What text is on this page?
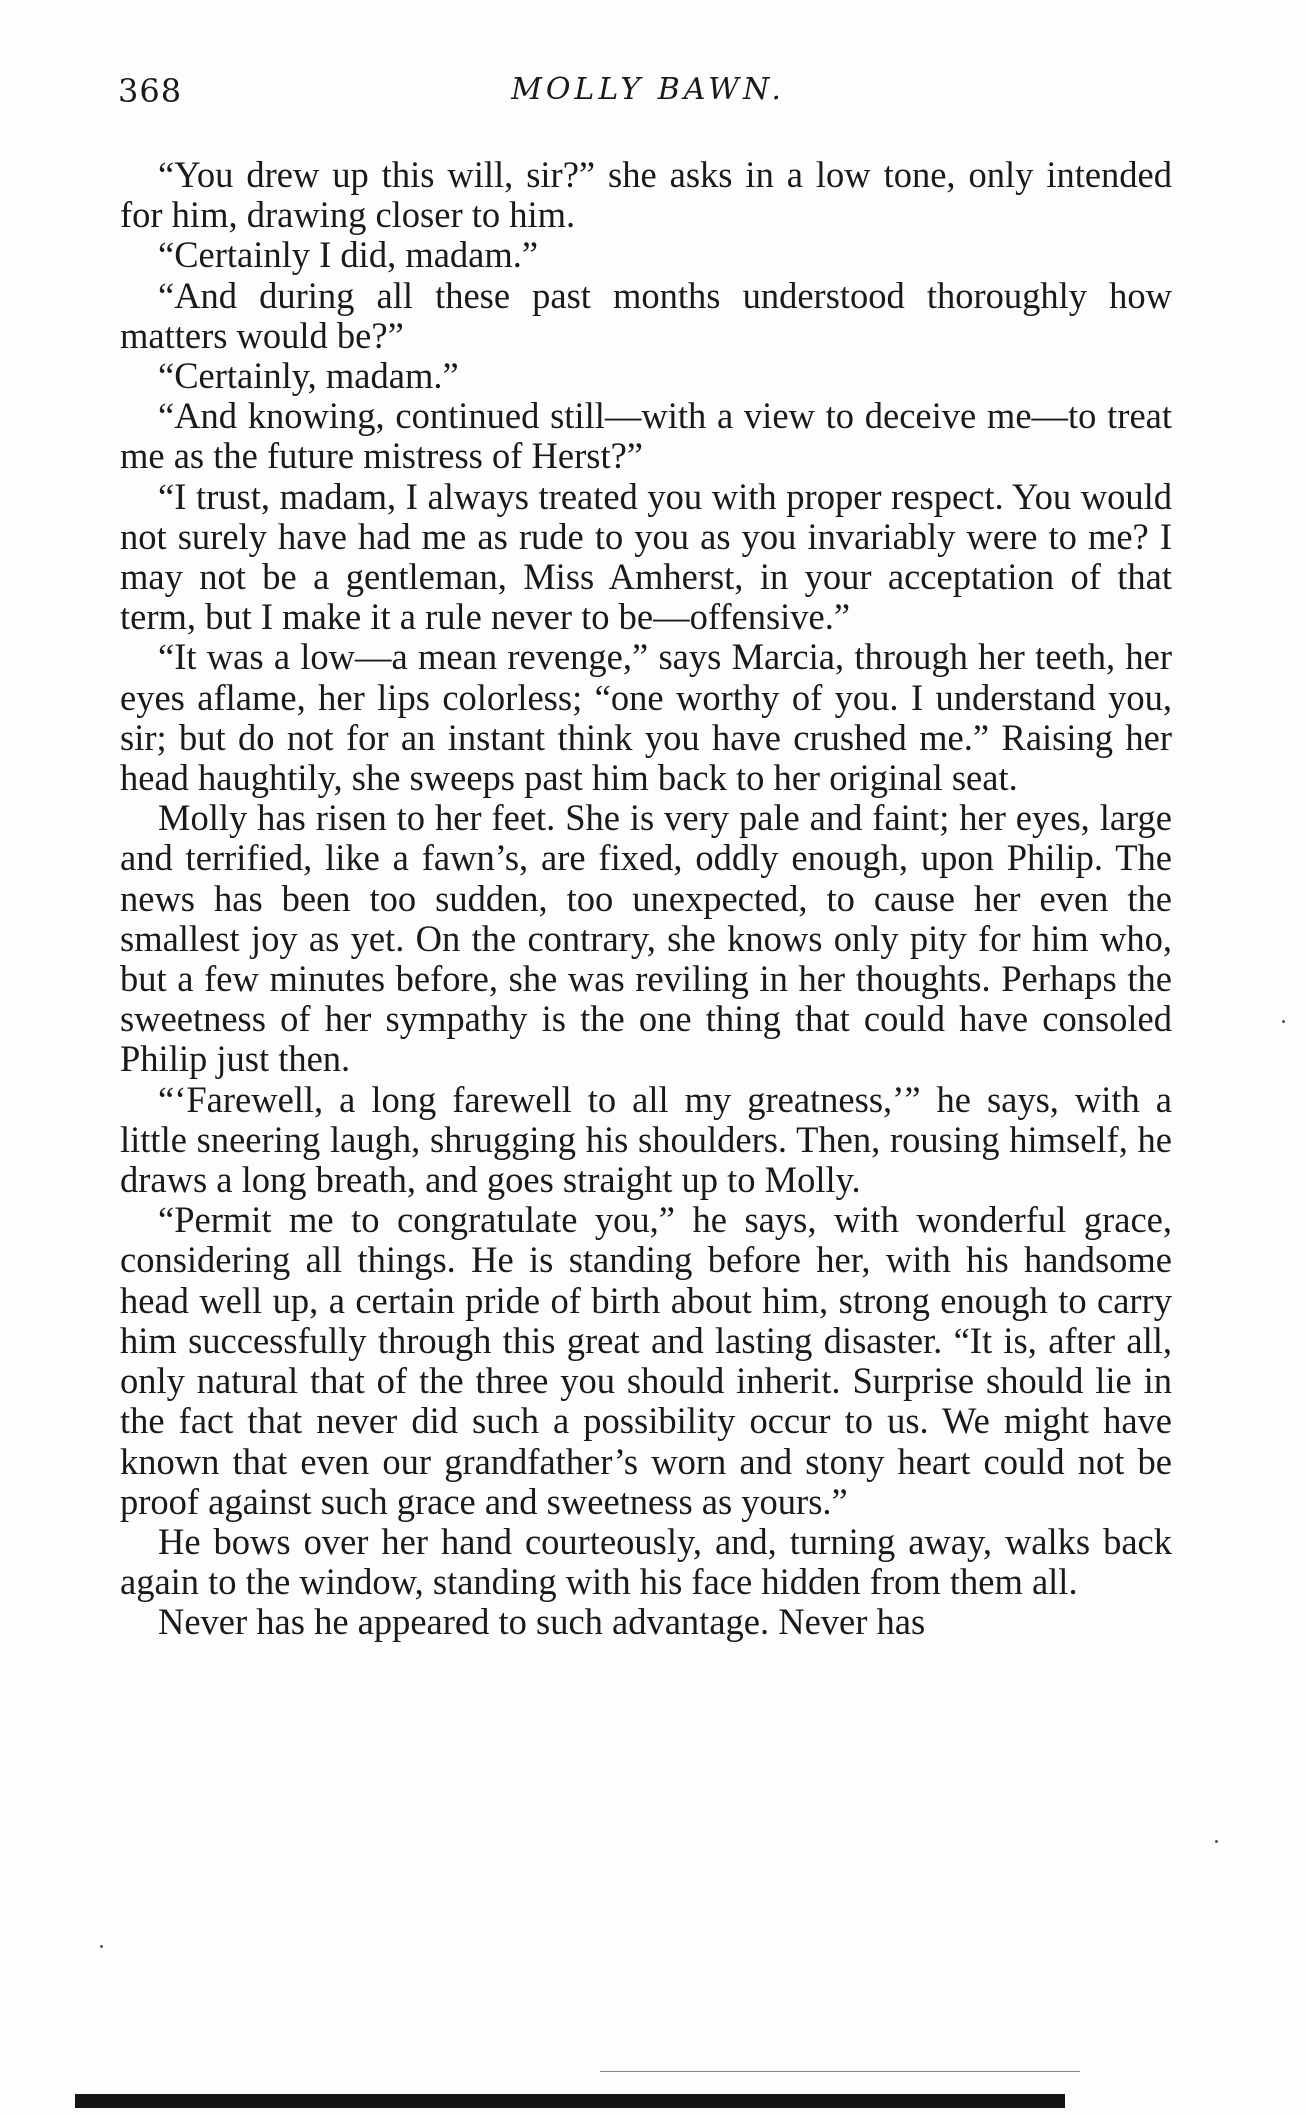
368	MOLLY BAWN.

“You drew up this will, sir?” she asks in a low tone, only intended for him, drawing closer to him.

“Certainly I did, madam.”

“And during all these past months understood thoroughly how matters would be?”

“Certainly, madam.”

“And knowing, continued still—with a view to deceive me—to treat me as the future mistress of Herst?”

“I trust, madam, I always treated you with proper respect. You would not surely have had me as rude to you as you invariably were to me? I may not be a gentleman, Miss Amherst, in your acceptation of that term, but I make it a rule never to be—offensive.”

“It was a low—a mean revenge,” says Marcia, through her teeth, her eyes aflame, her lips colorless; “one worthy of you. I understand you, sir; but do not for an instant think you have crushed me.” Raising her head haughtily, she sweeps past him back to her original seat.

Molly has risen to her feet. She is very pale and faint; her eyes, large and terrified, like a fawn’s, are fixed, oddly enough, upon Philip. The news has been too sudden, too unexpected, to cause her even the smallest joy as yet. On the contrary, she knows only pity for him who, but a few minutes before, she was reviling in her thoughts. Perhaps the sweetness of her sympathy is the one thing that could have consoled Philip just then.

“‘Farewell, a long farewell to all my greatness,’” he says, with a little sneering laugh, shrugging his shoulders. Then, rousing himself, he draws a long breath, and goes straight up to Molly.

“Permit me to congratulate you,” he says, with wonderful grace, considering all things. He is standing before her, with his handsome head well up, a certain pride of birth about him, strong enough to carry him successfully through this great and lasting disaster. “It is, after all, only natural that of the three you should inherit. Surprise should lie in the fact that never did such a possibility occur to us. We might have known that even our grandfather’s worn and stony heart could not be proof against such grace and sweetness as yours.”

He bows over her hand courteously, and, turning away, walks back again to the window, standing with his face hidden from them all.

Never has he appeared to such advantage. Never has
